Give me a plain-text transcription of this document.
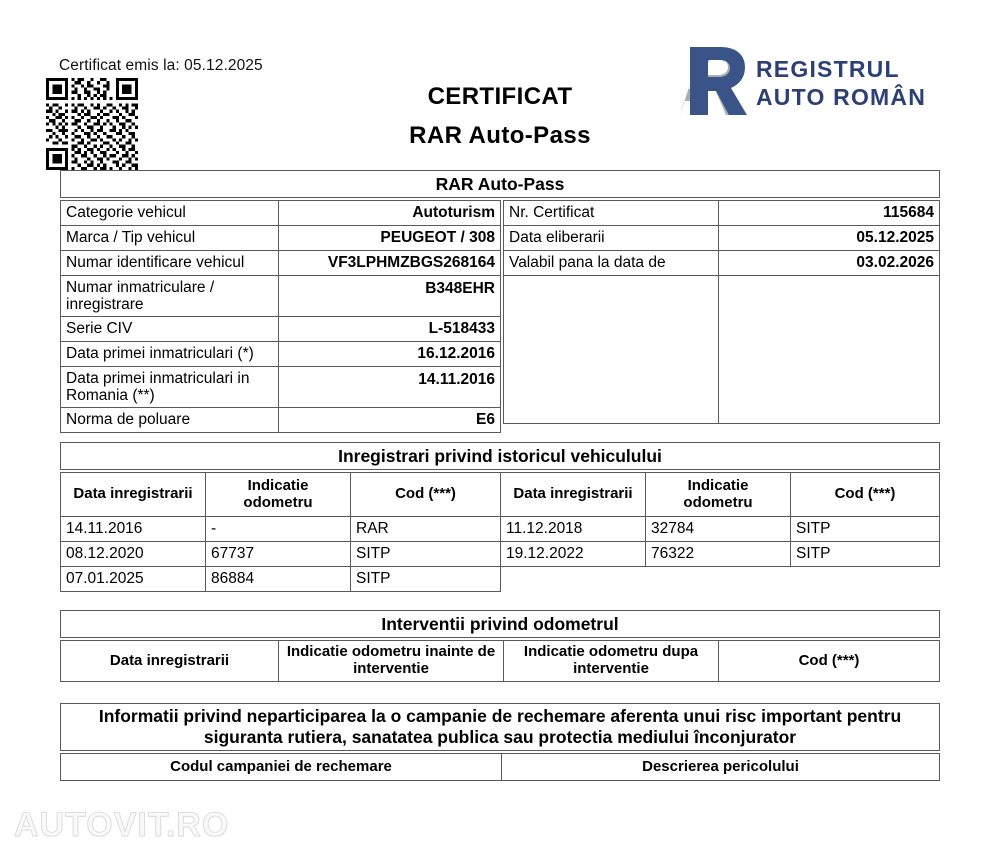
Certificat emis la: 05.12.2025
CERTIFICAT
RAR Auto-Pass
REGISTRUL
AUTO ROMÂN
RAR Auto-Pass
Categorie vehicul	Autoturism
Marca / Tip vehicul	PEUGEOT / 308
Numar identificare vehicul	VF3LPHMZBGS268164
Numar inmatriculare / inregistrare	B348EHR
Serie CIV	L-518433
Data primei inmatriculari (*)	16.12.2016
Data primei inmatriculari in Romania (**)	14.11.2016
Norma de poluare	E6
Nr. Certificat	115684
Data eliberarii	05.12.2025
Valabil pana la data de	03.02.2026

Inregistrari privind istoricul vehiculului
Data inregistrarii	Indicatie odometru	Cod (***)	Data inregistrarii	Indicatie odometru	Cod (***)
14.11.2016	-	RAR	11.12.2018	32784	SITP
08.12.2020	67737	SITP	19.12.2022	76322	SITP
07.01.2025	86884	SITP			
Interventii privind odometrul
Data inregistrarii	Indicatie odometru inainte de interventie	Indicatie odometru dupa interventie	Cod (***)
Informatii privind neparticiparea la o campanie de rechemare aferenta unui risc important pentru siguranta rutiera, sanatatea publica sau protectia mediului înconjurator
Codul campaniei de rechemare	Descrierea pericolului
AUTOVIT.RO
